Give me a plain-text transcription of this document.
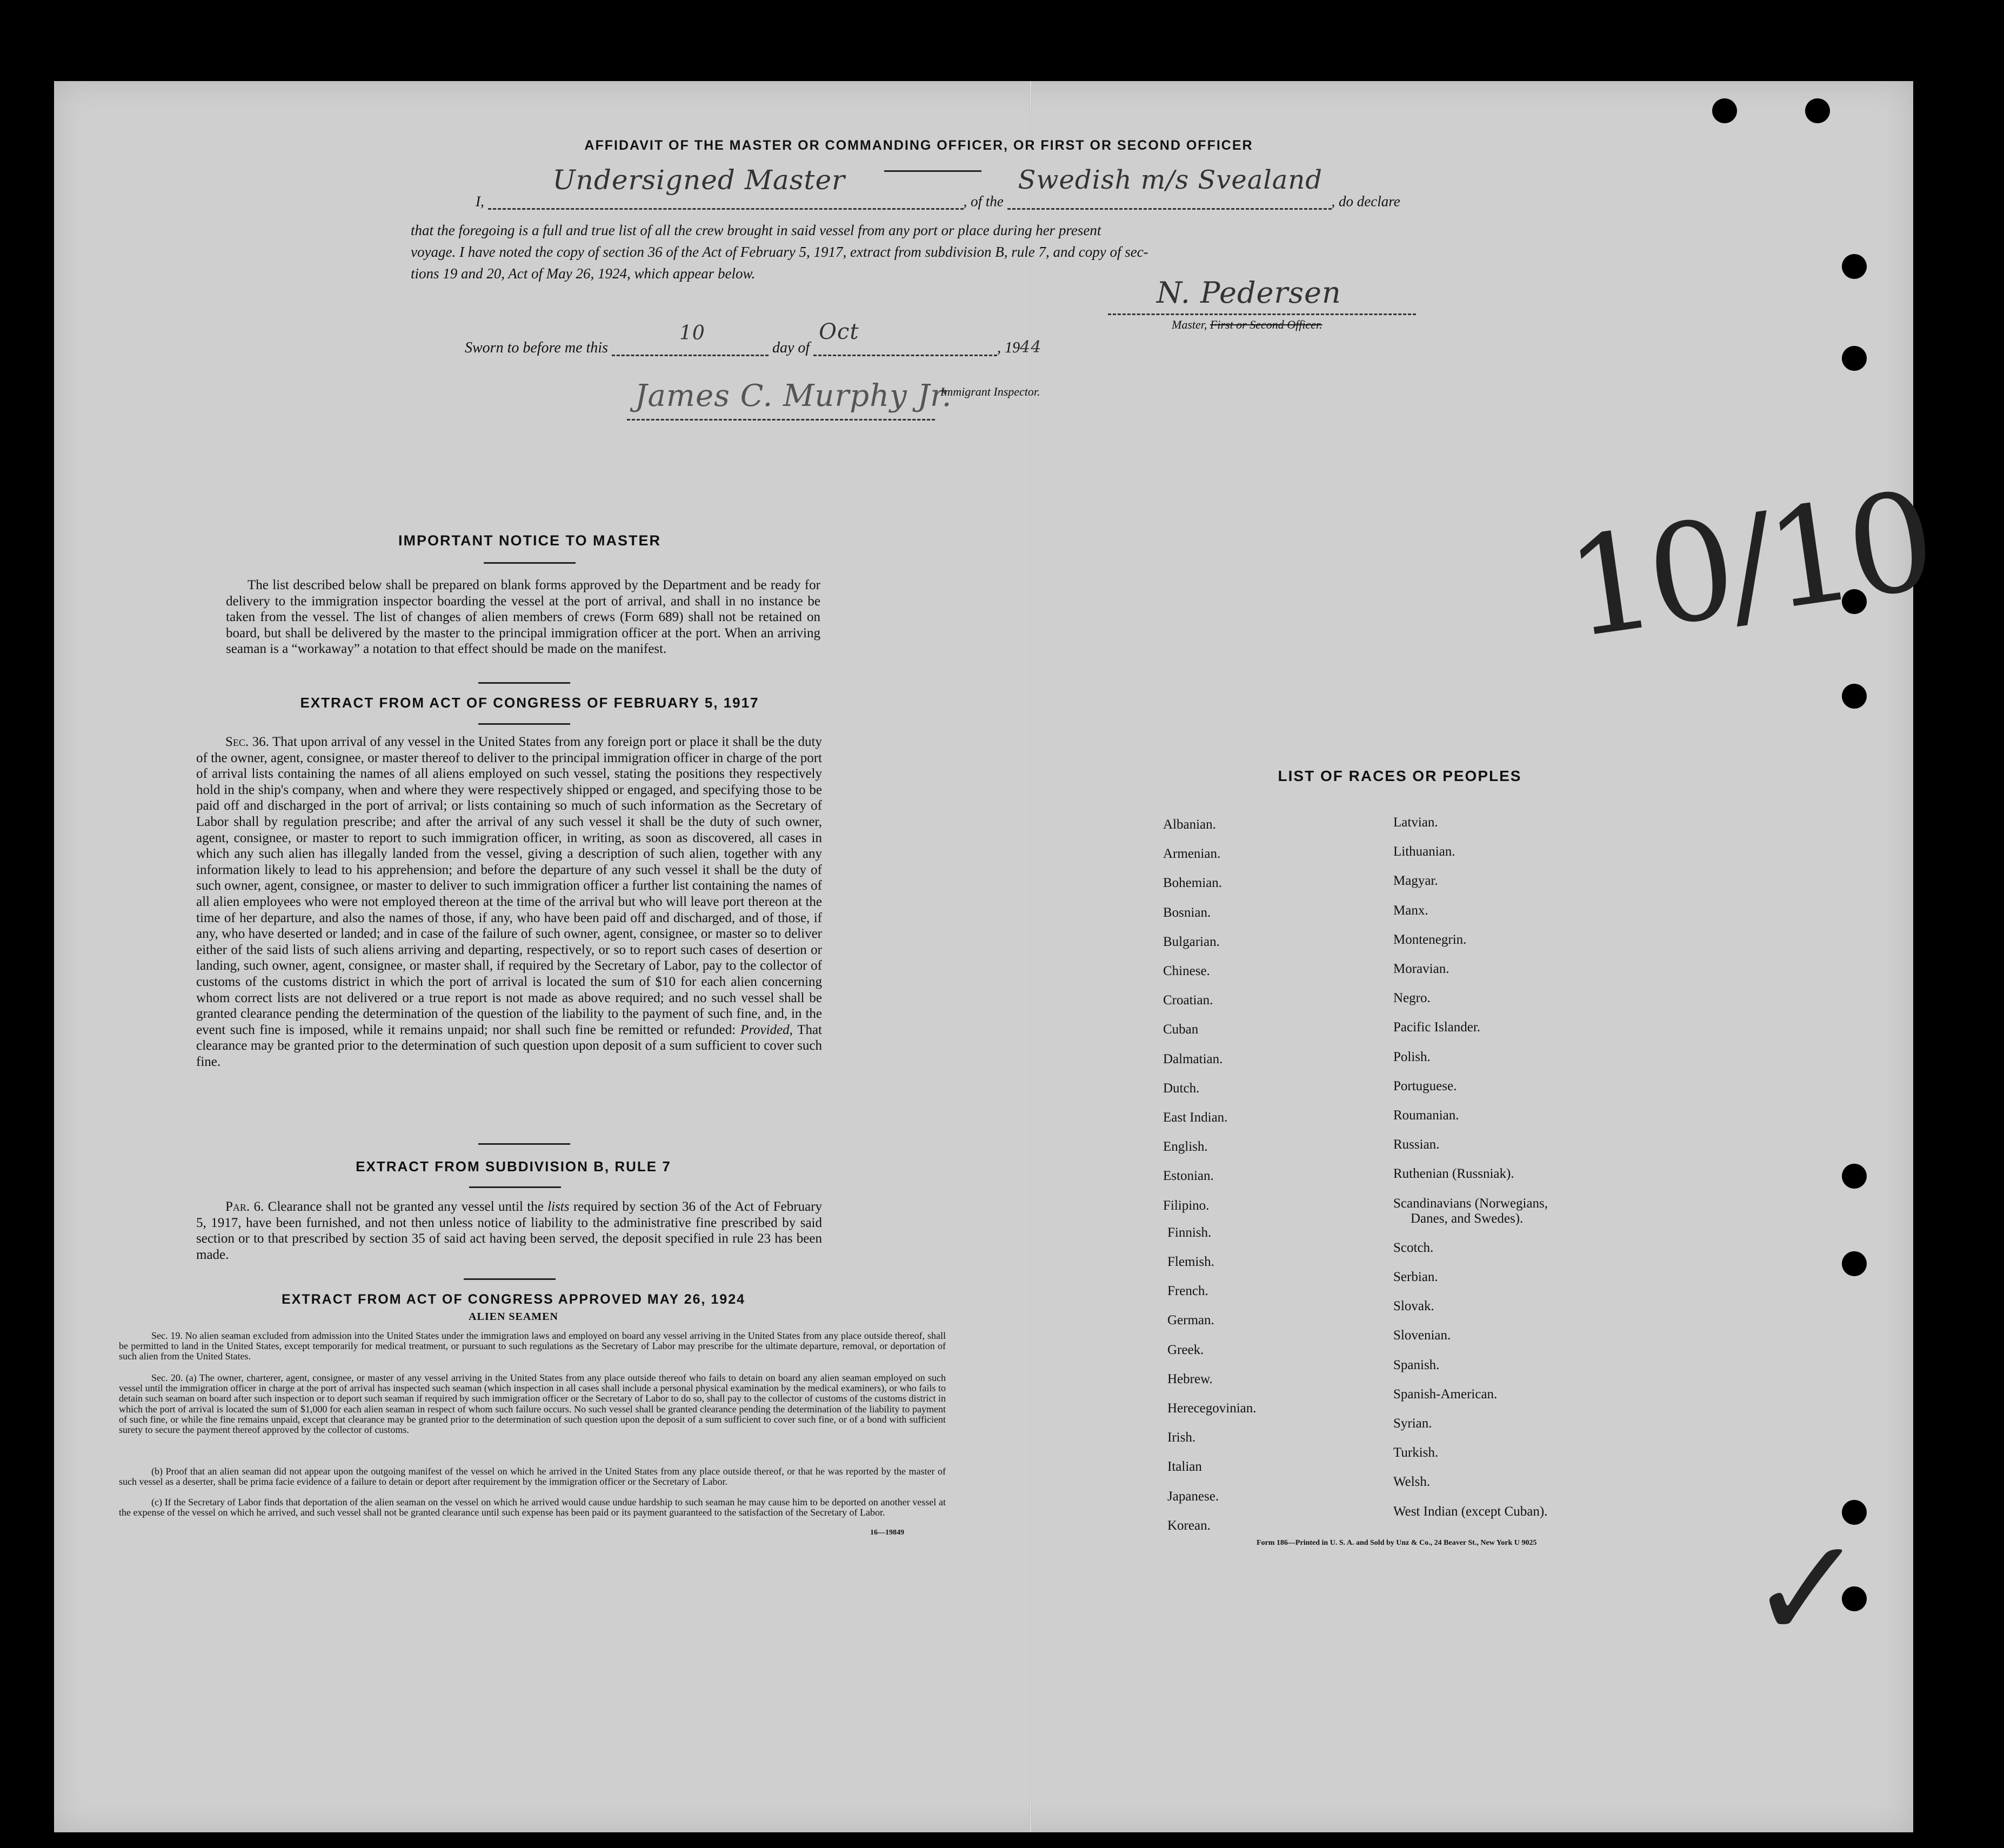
AFFIDAVIT OF THE MASTER OR COMMANDING OFFICER, OR FIRST OR SECOND OFFICER
I,
Undersigned Master
, of the
Swedish m/s Svealand
, do declare
that the foregoing is a full and true list of all the crew brought in said vessel from any port or place during her present
voyage. I have noted the copy of section 36 of the Act of February 5, 1917, extract from subdivision B, rule 7, and copy of sec-
tions 19 and 20, Act of May 26, 1924, which appear below.
N. Pedersen
Master, First or Second Officer.
Sworn to before me this
10
day of
Oct
, 1944
James C. Murphy Jr.
Immigrant Inspector.
IMPORTANT NOTICE TO MASTER
The list described below shall be prepared on blank forms approved by the Department and be ready for delivery to the immigration inspector boarding the vessel at the port of arrival, and shall in no instance be taken from the vessel. The list of changes of alien members of crews (Form 689) shall not be retained on board, but shall be delivered by the master to the principal immigration officer at the port. When an arriving seaman is a “workaway” a notation to that effect should be made on the manifest.
EXTRACT FROM ACT OF CONGRESS OF FEBRUARY 5, 1917
Sec. 36. That upon arrival of any vessel in the United States from any foreign port or place it shall be the duty of the owner, agent, consignee, or master thereof to deliver to the principal immigration officer in charge of the port of arrival lists containing the names of all aliens employed on such vessel, stating the positions they respectively hold in the ship's company, when and where they were respectively shipped or engaged, and specifying those to be paid off and discharged in the port of arrival; or lists containing so much of such information as the Secretary of Labor shall by regulation prescribe; and after the arrival of any such vessel it shall be the duty of such owner, agent, consignee, or master to report to such immigration officer, in writing, as soon as discovered, all cases in which any such alien has illegally landed from the vessel, giving a description of such alien, together with any information likely to lead to his apprehension; and before the departure of any such vessel it shall be the duty of such owner, agent, consignee, or master to deliver to such immigration officer a further list containing the names of all alien employees who were not employed thereon at the time of the arrival but who will leave port thereon at the time of her departure, and also the names of those, if any, who have been paid off and discharged, and of those, if any, who have deserted or landed; and in case of the failure of such owner, agent, consignee, or master so to deliver either of the said lists of such aliens arriving and departing, respectively, or so to report such cases of desertion or landing, such owner, agent, consignee, or master shall, if required by the Secretary of Labor, pay to the collector of customs of the customs district in which the port of arrival is located the sum of $10 for each alien concerning whom correct lists are not delivered or a true report is not made as above required; and no such vessel shall be granted clearance pending the determination of the question of the liability to the payment of such fine, and, in the event such fine is imposed, while it remains unpaid; nor shall such fine be remitted or refunded: Provided, That clearance may be granted prior to the determination of such question upon deposit of a sum sufficient to cover such fine.
EXTRACT FROM SUBDIVISION B, RULE 7
Par. 6. Clearance shall not be granted any vessel until the lists required by section 36 of the Act of February 5, 1917, have been furnished, and not then unless notice of liability to the administrative fine prescribed by said section or to that prescribed by section 35 of said act having been served, the deposit specified in rule 23 has been made.
EXTRACT FROM ACT OF CONGRESS APPROVED MAY 26, 1924
ALIEN SEAMEN
Sec. 19. No alien seaman excluded from admission into the United States under the immigration laws and employed on board any vessel arriving in the United States from any place outside thereof, shall be permitted to land in the United States, except temporarily for medical treatment, or pursuant to such regulations as the Secretary of Labor may prescribe for the ultimate departure, removal, or deportation of such alien from the United States.
Sec. 20. (a) The owner, charterer, agent, consignee, or master of any vessel arriving in the United States from any place outside thereof who fails to detain on board any alien seaman employed on such vessel until the immigration officer in charge at the port of arrival has inspected such seaman (which inspection in all cases shall include a personal physical examination by the medical examiners), or who fails to detain such seaman on board after such inspection or to deport such seaman if required by such immigration officer or the Secretary of Labor to do so, shall pay to the collector of customs of the customs district in which the port of arrival is located the sum of $1,000 for each alien seaman in respect of whom such failure occurs. No such vessel shall be granted clearance pending the determination of the liability to payment of such fine, or while the fine remains unpaid, except that clearance may be granted prior to the determination of such question upon the deposit of a sum sufficient to cover such fine, or of a bond with sufficient surety to secure the payment thereof approved by the collector of customs.
(b) Proof that an alien seaman did not appear upon the outgoing manifest of the vessel on which he arrived in the United States from any place outside thereof, or that he was reported by the master of such vessel as a deserter, shall be prima facie evidence of a failure to detain or deport after requirement by the immigration officer or the Secretary of Labor.
(c) If the Secretary of Labor finds that deportation of the alien seaman on the vessel on which he arrived would cause undue hardship to such seaman he may cause him to be deported on another vessel at the expense of the vessel on which he arrived, and such vessel shall not be granted clearance until such expense has been paid or its payment guaranteed to the satisfaction of the Secretary of Labor.
16—19849
LIST OF RACES OR PEOPLES
Albanian.
Armenian.
Bohemian.
Bosnian.
Bulgarian.
Chinese.
Croatian.
Cuban
Dalmatian.
Dutch.
East Indian.
English.
Estonian.
Filipino.
Finnish.
Flemish.
French.
German.
Greek.
Hebrew.
Herecegovinian.
Irish.
Italian
Japanese.
Korean.
Latvian.
Lithuanian.
Magyar.
Manx.
Montenegrin.
Moravian.
Negro.
Pacific Islander.
Polish.
Portuguese.
Roumanian.
Russian.
Ruthenian (Russniak).
Scandinavians (Norwegians,
Danes, and Swedes).
Scotch.
Serbian.
Slovak.
Slovenian.
Spanish.
Spanish-American.
Syrian.
Turkish.
Welsh.
West Indian (except Cuban).
Form 186—Printed in U. S. A. and Sold by Unz & Co., 24 Beaver St., New York U 9025
10/10
✓
